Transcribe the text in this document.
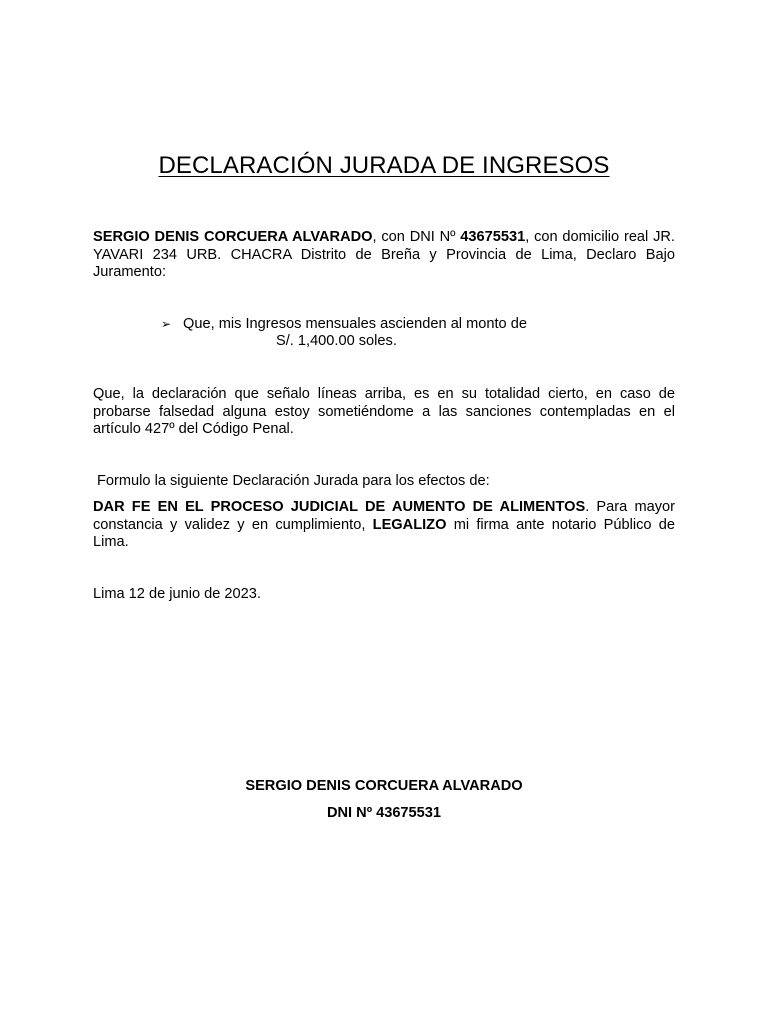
DECLARACIÓN JURADA DE INGRESOS
SERGIO DENIS CORCUERA ALVARADO, con DNI Nº 43675531, con domicilio real JR. YAVARI 234 URB. CHACRA Distrito de Breña y Provincia de Lima, Declaro Bajo Juramento:
➢ Que, mis Ingresos mensuales ascienden al monto de
S/. 1,400.00 soles.
Que, la declaración que señalo líneas arriba, es en su totalidad cierto, en caso de probarse falsedad alguna estoy sometiéndome a las sanciones contempladas en el artículo 427º del Código Penal.
Formulo la siguiente Declaración Jurada para los efectos de:
DAR FE EN EL PROCESO JUDICIAL DE AUMENTO DE ALIMENTOS. Para mayor constancia y validez y en cumplimiento, LEGALIZO mi firma ante notario Público de Lima.
Lima 12 de junio de 2023.
SERGIO DENIS CORCUERA ALVARADO
DNI Nº 43675531
